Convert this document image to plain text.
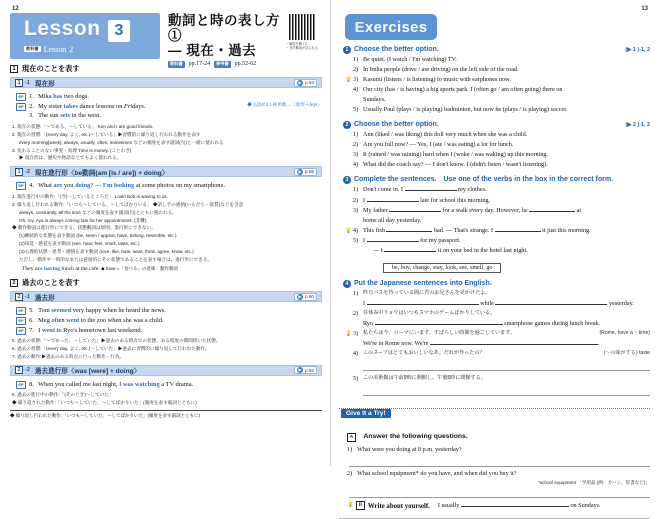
12
Lesson 3
教科書 Lesson 2
動詞と時の表し方①
— 現在・過去
教科書	pp.17-24	参考書	pp.52-62
・解説を聞くC
・音声解説が見られる
1 現在のことを表す
1 -1 現在形	▶ p.53
EP 1. Mika has two dogs.
EP 2. My sister takes dance lessons on Fridays.	◆主語が3人称単数→〈原形＋(e)s〉
3. The sun sets in the west.
1. 現在の状態:「〜である、〜している」 Ken and I are good friends.
2. 現在の習慣:「(every day, よく, etc.)〜している」▶習慣的に繰り返し行われる動作を表す
every morning[week], always, usually, often, sometimes などの頻度を表す副詞(句)と一緒に使われる
3. 変わることのない事実・真理 Time is money. (ことわざ)
▶ 現在形は、歴史や物語などでもよく使われる。
1 -2 現在進行形〈be動詞(am [is / are]) + doing〉	▶ p.55
EP 4. What are you doing? — I'm looking at some photos on my smartphone.
1. 現在進行中の動作:「(今)〜しているところだ」 Look! Bob is waving to us.
2. 繰り返し行われる動作:「いつも〜している、〜してばかりいる」 ◆話し手の感情(いらだち・賞賛)などを含意
always, constantly, all the time などの頻度を表す副詞(句)とともに使われる。
Oh, my. Aya is always coming late for her appointments. (非難)
◆ 動作動詞は進行形にできる。状態動詞は原則、進行形にできない。
(1)継続的な状態を表す動詞 (be, seem / appear, have, belong, resemble, etc.)
(2)知覚・感覚を表す動詞 (see, hear, feel, smell, taste, etc.)
(3)心理的状態・思考・感情を表す動詞 (love, like, hate, want, think, agree, know, etc.)
ただし、動作や一時的なまたは意図的にその状態であることを表す場合は、進行形にできる。
They are having lunch at the cafe. ◆ have =「食べる」の意味：動作動詞
2 過去のことを表す
2 -1 過去形	▶ p.60
EP 5. Tom seemed very happy when he heard the news.
EP 6. Meg often went to the zoo when she was a child.
EP 7. I went to Ryo's hometown last weekend.
5. 過去の状態:「〜であった、〜していた」▶過去のある時点での状態。ある程度の期間続いた状態。
6. 過去の習慣:「(every day, よく, etc.)〜していた」▶過去に習慣的に繰り返して行われた動作。
7. 過去の動作:▶過去のある時点に行った動作・行為。
2 -2 過去進行形〈was [were] + doing〉	▶ p.62
EP 8. When you called me last night, I was watching a TV drama.
8. 過去の進行中の動作:「(そのとき)〜していた」
◆ 繰り返された動作:「いつも〜していた、〜してばかりいた」(頻度を表す副詞とともに)
◆ 繰り返し行われた動作:「いつも〜していた、〜してばかりいた」(頻度を表す副詞とともに)
13
Exercises
1 Choose the better option.	(▶ 1 )-1, 2
1) Be quiet. (I watch / I'm watching) TV.
2) In India people (drive / are driving) on the left side of the road.
💡 3) Kasumi (listens / is listening) to music with earphones now.
4) Our city (has / is having) a big sports park. I (often go / am often going) there on
Sundays.
5) Usually Paul (plays / is playing) badminton, but now he (plays / is playing) soccer.
2 Choose the better option.	(▶ 2 )-1, 2
1) Ann (liked / was liking) this doll very much when she was a child.
2) Are you full now? — Yes, I (ate / was eating) a lot for lunch.
3) It (rained / was raining) hard when I (woke / was waking) up this morning.
4) What did the coach say? — I don't know. I (didn't listen / wasn't listening).
3 Complete the sentences. Use one of the verbs in the box in the correct form.
1) Don't come in. I	my clothes.
2) I	late for school this morning.
3) My father	for a walk every day. However, he	at
home all day yesterday.
💡 4) This fish	bad. — That's strange. I	it just this morning.
5) I	for my passport.
— I	it on your bed in the hotel last night.
be, buy, change, stay, look, see, smell, go
4 Put the Japanese sentences into English.
1) 昨日バスを待っている間に君のお兄さんを見かけたよ。
I	while	yesterday.
2) 昼休み中リョウはいつもスマホのゲームばかりしている。
Ryo	smartphone games during lunch break.
💡 3) 私たちは今、ローマにいます。すばらしい時間を過ごしています。	(Rome, have a ~ time)
We're in Rome now. We're	.
4) このスープはとてもおいしいなあ。だれが作ったの？	(〜の味がする) taste
5) この美術館は午前9時に開館し、午後5時に閉館する。
Give It a Try!
A Answer the following questions.
1) What were you doing at 8 p.m. yesterday?
2) What school equipment* do you have, and when did you buy it?
*school equipment 「学用品 (例：カバン、辞書など)」
💡	B Write about yourself. I usually	on Sundays.
